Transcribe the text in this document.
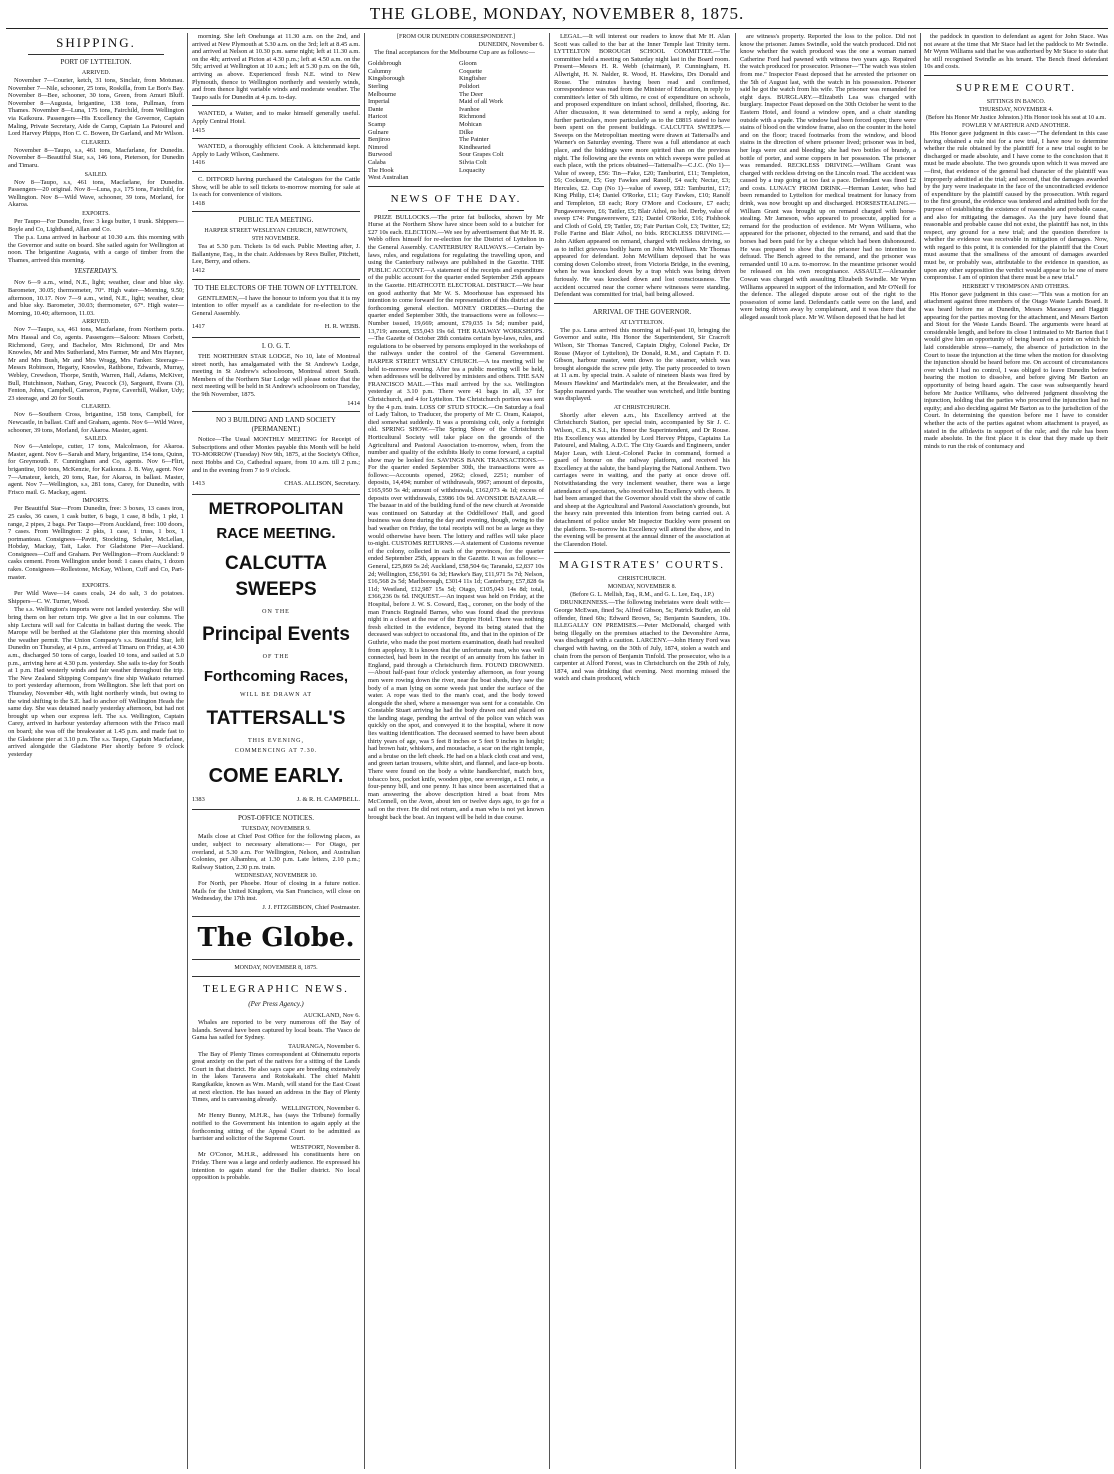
THE GLOBE, MONDAY, NOVEMBER 8, 1875.
SHIPPING.
PORT OF LYTTELTON.
ARRIVED.

November 7—Courier, ketch, 31 tons, Sinclair, from Motunau. November 7—Nile, schooner, 25 tons, Roskilla, from Le Bon's Bay. November 8—Bee, schooner, 30 tons, Green, from Amuri Bluff. November 8—Augusta, brigantine, 138 tons, Pullman, from Thames. November 8—Luna, 175 tons, Fairchild, from Wellington via Kaikoura. Passengers—His Excellency the Governor, Captain Maling, Private Secretary, Aide de Camp, Captain La Patourel and Lord Harvey Phipps, Hon C. C. Bowen, Dr Garland, and Mr Wilson.

CLEARED.

November 8—Taupo, s.s, 461 tons, Macfarlane, for Dunedin. November 8—Beautiful Star, s.s, 146 tons, Pieterson, for Dunedin and Timaru.

SAILED.

Nov 8—Taupo, s.s, 461 tons, Macfarlane, for Dunedin. Passengers—20 original. Nov 8—Luna, p.s, 175 tons, Fairchild, for Wellington. Nov 8—Wild Wave, schooner, 39 tons, Morland, for Akaroa.

EXPORTS.

Per Taupo—For Dunedin, free: 3 kegs butter, 1 trunk. Shippers—Boyle and Co, Lightband, Allan and Co.

The p.s. Luna arrived in harbour at 10.30 a.m. this morning with the Governor and suite on board. She sailed again for Wellington at noon. The brigantine Augusta, with a cargo of timber from the Thames, arrived this morning.

YESTERDAY'S.

Nov 6—9 a.m., wind, N.E., light; weather, clear and blue sky. Barometer, 30.05; thermometer, 70°. High water—Morning, 9.50; afternoon, 10.17. Nov 7—9 a.m., wind, N.E., light; weather, clear and blue sky. Barometer, 30.03; thermometer, 67°. High water—Morning, 10.40; afternoon, 11.03.

ARRIVED.

Nov 7—Taupo, s.s, 461 tons, Macfarlane, from Northern ports. Mrs Hassal and Co, agents. Passengers—Saloon: Misses Corbett, Richmond, Grey, and Bachelor, Mrs Richmond, Dr and Mrs Knowles, Mr and Mrs Sutherland, Mrs Farmer, Mr and Mrs Hayner, Mr and Mrs Bush, Mr and Mrs Wragg, Mrs Fanker. Steerage—Messrs Robinson, Hegarty, Knowles, Rathbone, Edwards, Murray, Webley, Crewdson, Thorpe, Smith, Warren, Hall, Adams, McKiver, Bull, Hutchinson, Nathan, Gray, Peacock (3), Sargeant, Evans (3), Fenton, Johns, Campbell, Cameron, Payne, Caverhill, Walker, Udy; 23 steerage, and 20 for South.

CLEARED.

Nov 6—Southern Cross, brigantine, 158 tons, Campbell, for Newcastle, in ballast. Cuff and Graham, agents. Nov 6—Wild Wave, schooner, 39 tons, Morland, for Akaroa. Master, agent.

SAILED.

Nov 6—Antelope, cutter, 17 tons, Malcolmson, for Akaroa. Master, agent. Nov 6—Sarah and Mary, brigantine, 154 tons, Quinn, for Greymouth. F. Cunningham and Co, agents. Nov 6—Flirt, brigantine, 100 tons, McKenzie, for Kaikoura. J. B. Way, agent. Nov 7—Amateur, ketch, 20 tons, Rae, for Akaroa, in ballast. Master, agent. Nov 7—Wellington, s.s, 281 tons, Carey, for Dunedin, with Frisco mail. G. Mackay, agent.

IMPORTS.

Per Beautiful Star—From Dunedin, free: 3 boxes, 13 cases iron, 25 casks, 36 cases, 1 cask butter, 6 bags, 1 case, 8 bdls, 1 pkt, 1 range, 2 pipes, 2 bags. Per Taupo—From Auckland, free: 100 doors, 7 cases. From Wellington: 2 pkts, 1 case, 1 truss, 1 box, 1 portmanteau. Consignees—Pavitt, Stockting, Schaler, McLellan, Hobday, Mackay, Tait, Lake. For Gladstone Pier—Auckland. Consignees—Cuff and Graham. Per Wellington—From Auckland: 9 casks cement. From Wellington under bond: 1 cases chairs, 1 dozen rakes. Consignees—Rollestone, McKay, Wilson, Cuff and Co, Part-master.

EXPORTS.

Per Wild Wave—14 cases coals, 24 do salt, 3 do potatoes. Shippers—C. W. Turner, Wood.

The s.s. Wellington's imports were not landed yesterday. She will bring them on her return trip. We give a list in our columns. The ship Lectura will sail for Calcutta in ballast during the week. The Marope will be berthed at the Gladstone pier this morning should the weather permit. The Union Company's s.s. Beautiful Star, left Dunedin on Thursday, at 4 p.m., arrived at Timaru on Friday, at 4.30 a.m., discharged 50 tons of cargo, loaded 10 tons, and sailed at 5.0 p.m., arriving here at 4.30 p.m. yesterday. She sails to-day for South at 1 p.m. Had westerly winds and fair weather throughout the trip. The New Zealand Shipping Company's fine ship Waikato returned to port yesterday afternoon, from Wellington. She left that port on Thursday, November 4th, with light northerly winds, but owing to the wind shifting to the S.E. had to anchor off Wellington Heads the same day. She was detained nearly yesterday afternoon, but had not brought up when our express left. The s.s. Wellington, Captain Carey, arrived in harbour yesterday afternoon with the Frisco mail on board; she was off the breakwater at 1.45 p.m. and made fast to the Gladstone pier at 3.10 p.m. The s.s. Taupo, Captain Macfarlane, arrived alongside the Gladstone Pier shortly before 9 o'clock yesterday

morning. She left Onehunga at 11.30 a.m. on the 2nd, and arrived at New Plymouth at 5.30 a.m. on the 3rd; left at 8.45 a.m. and arrived at Nelson at 10.30 p.m. same night; left at 11.30 a.m. on the 4th; arrived at Picton at 4.30 p.m.; left at 4.50 a.m. on the 5th; arrived at Wellington at 10 a.m.; left at 5.30 p.m. on the 6th, arriving as above. Experienced fresh N.E. wind to New Plymouth, thence to Wellington northerly and westerly winds, and from thence light variable winds and moderate weather. The Taupo sails for Dunedin at 4 p.m. to-day.

WANTED, a Waiter, and to make himself generally useful. Apply Central Hotel.

1415

WANTED, a thoroughly efficient Cook. A kitchenmaid kept. Apply to Lady Wilson, Cashmere.

1416

C. DITFORD having purchased the Catalogues for the Cattle Show, will be able to sell tickets to-morrow morning for sale at 1s each for convenience of visitors.

1418
PUBLIC TEA MEETING.
HARPER STREET WESLEYAN CHURCH, NEWTOWN,
9TH NOVEMBER.

Tea at 5.30 p.m. Tickets 1s 6d each. Public Meeting after, J. Ballantyne, Esq., in the chair. Addresses by Revs Buller, Pitchett, Lee, Berry, and others.

1412
TO THE ELECTORS OF THE TOWN OF LYTTELTON.

GENTLEMEN,—I have the honour to inform you that it is my intention to offer myself as a candidate for re-election to the General Assembly.

1417	H. R. WEBB.
I. O. G. T.

THE NORTHERN STAR LODGE, No 10, late of Montreal street north, has amalgamated with the St Andrew's Lodge, meeting in St Andrew's schoolroom, Montreal street South. Members of the Northern Star Lodge will please notice that the next meeting will be held in St Andrew's schoolroom on Tuesday, the 9th November, 1875.

1414
NO 3 BUILDING AND LAND SOCIETY (PERMANENT.)

Notice—The Usual MONTHLY MEETING for Receipt of Subscriptions and other Monies payable this Month will be held TO-MORROW (Tuesday) Nov 9th, 1875, at the Society's Office, next Hobbs and Co, Cathedral square, from 10 a.m. till 2 p.m.; and in the evening from 7 to 9 o'clock.

1413	CHAS. ALLISON, Secretary.
METROPOLITAN
RACE MEETING.
CALCUTTA SWEEPS
ON THE
Principal Events
OF THE
Forthcoming Races,
WILL BE DRAWN AT
TATTERSALL'S
THIS EVENING,
COMMENCING AT 7.30.
COME EARLY.
1383	J. & R. H. CAMPBELL.
POST-OFFICE NOTICES.
TUESDAY, NOVEMBER 9.

Mails close at Chief Post Office for the following places, as under, subject to necessary alterations:— For Otago, per overland, at 5.30 a.m. For Wellington, Nelson, and Australian Colonies, per Alhambra, at 1.30 p.m. Late letters, 2.10 p.m.; Railway Station, 2.30 p.m. train.

WEDNESDAY, NOVEMBER 10.

For North, per Phoebe. Hour of closing in a future notice. Mails for the United Kingdom, via San Francisco, will close on Wednesday, the 17th inst.

J. J. FITZGIBBON, Chief Postmaster.
The Globe.
MONDAY, NOVEMBER 8, 1875.
TELEGRAPHIC NEWS.
(Per Press Agency.)
AUCKLAND, Nov 6.

Whales are reported to be very numerous off the Bay of Islands. Several have been captured by local boats. The Vasco de Gama has sailed for Sydney.

TAURANGA, November 6.

The Bay of Plenty Times correspondent at Ohinemutu reports great anxiety on the part of the natives for a sitting of the Lands Court in that district. He also says cape are breeding extensively in the lakes Tarawera and Rotokakahi. The chief Mahiti Rangikaikie, known as Wm. Marsh, will stand for the East Coast at next election. He has issued an address in the Bay of Plenty Times, and is canvassing already.

WELLINGTON, November 6.

Mr Henry Bunny, M.H.R., has (says the Tribune) formally notified to the Government his intention to again apply at the forthcoming sitting of the Appeal Court to be admitted as barrister and solicitor of the Supreme Court.

WESTPORT, November 8.

Mr O'Conor, M.H.R., addressed his constituents here on Friday. There was a large and orderly audience. He expressed his intention to again stand for the Buller district. No local opposition is probable.

[FROM OUR DUNEDIN CORRESPONDENT.]
DUNEDIN, November 6.

The final acceptances for the Melbourne Cup are as follows:—

Goldsbrough
Calumny
Kingsborough
Sterling
Melbourne
Imperial
Dante
Haricot
Scamp
Gulnare
Benjiroo
Nimrod
Burwood
Calaba
The Hook
West Australian
Gloom
Coquette
Kingfisher
Polidori
The Deer
Maid of all Work
Ivanhoe
Richmond
Mohican
Dilke
The Painter
Kindhearted
Sour Grapes Colt
Silvia Colt
Loquacity
NEWS OF THE DAY.

PRIZE BULLOCKS.—The prize fat bullocks, shown by Mr Hurse at the Northern Show have since been sold to a butcher for £27 10s each. ELECTION.—We see by advertisement that Mr H. R. Webb offers himself for re-election for the District of Lyttelton in the General Assembly. CANTERBURY RAILWAYS.—Certain by-laws, rules, and regulations for regulating the travelling upon, and using the Canterbury railways are published in the Gazette. THE PUBLIC ACCOUNT.—A statement of the receipts and expenditure of the public account for the quarter ended September 25th appears in the Gazette. HEATHCOTE ELECTORAL DISTRICT.—We hear on good authority that Mr W. S. Moorhouse has expressed his intention to come forward for the representation of this district at the forthcoming general election. MONEY ORDERS.—During the quarter ended September 30th, the transactions were as follows:—Number issued, 19,669; amount, £79,035 1s 5d; number paid, 13,719; amount, £55,043 19s 6d. THE RAILWAY WORKSHOPS.—The Gazette of October 28th contains certain bye-laws, rules, and regulations to be observed by persons employed in the workshops of the railways under the control of the General Government. HARPER STREET WESLEY CHURCH.—A tea meeting will be held to-morrow evening. After tea a public meeting will be held, when addresses will be delivered by ministers and others. THE SAN FRANCISCO MAIL.—This mail arrived by the s.s. Wellington yesterday at 3.10 p.m. There were 41 bags in all, 37 for Christchurch, and 4 for Lyttelton. The Christchurch portion was sent by the 4 p.m. train. LOSS OF STUD STOCK.—On Saturday a foal of Lady Talton, to Traducer, the property of Mr C. Oram, Kaiapoi, died somewhat suddenly. It was a promising colt, only a fortnight old. SPRING SHOW.—The Spring Show of the Christchurch Horticultural Society will take place on the grounds of the Agricultural and Pastoral Association to-morrow, when, from the number and quality of the exhibits likely to come forward, a capital show may be looked for. SAVINGS BANK TRANSACTIONS.—For the quarter ended September 30th, the transactions were as follows:—Accounts opened, 2962; closed, 2251; number of deposits, 14,494; number of withdrawals, 9967; amount of deposits, £165,950 5s 4d; amount of withdrawals, £162,073 4s 1d; excess of deposits over withdrawals, £3986 10s 9d. AVONSIDE BAZAAR.—The bazaar in aid of the building fund of the new church at Avonside was continued on Saturday at the Oddfellows' Hall, and good business was done during the day and evening, though, owing to the bad weather on Friday, the total receipts will not be as large as they would otherwise have been. The lottery and raffles will take place to-night. CUSTOMS RETURNS.—A statement of Customs revenue of the colony, collected in each of the provinces, for the quarter ended September 25th, appears in the Gazette. It was as follows:—General, £25,869 5s 2d; Auckland, £58,504 6s; Taranaki, £2,837 10s 2d; Wellington, £56,591 6s 3d; Hawke's Bay, £11,971 5s 7d; Nelson, £16,568 2s 5d; Marlborough, £3014 11s 1d; Canterbury, £57,828 6s 11d; Westland, £12,987 15s 5d; Otago, £105,043 14s 8d; total, £366,236 0s 6d. INQUEST.—An inquest was held on Friday, at the Hospital, before J. W. S. Coward, Esq., coroner, on the body of the man Francis Reginald Barnes, who was found dead the previous night in a closet at the rear of the Empire Hotel. There was nothing fresh elicited in the evidence, beyond its being stated that the deceased was subject to occasional fits, and that in the opinion of Dr Guthrie, who made the post mortem examination, death had resulted from apoplexy. It is known that the unfortunate man, who was well connected, had been in the receipt of an annuity from his father in England, paid through a Christchurch firm. FOUND DROWNED.—About half-past four o'clock yesterday afternoon, as four young men were rowing down the river, near the boat sheds, they saw the body of a man lying on some weeds just under the surface of the water. A rope was tied to the man's coat, and the body towed alongside the shed, where a messenger was sent for a constable. On Constable Stuart arriving he had the body drawn out and placed on the landing stage, pending the arrival of the police van which was quickly on the spot, and conveyed it to the hospital, where it now lies waiting identification. The deceased seemed to have been about thirty years of age, was 5 feet 8 inches or 5 feet 9 inches in height; had brown hair, whiskers, and moustache, a scar on the right temple, and a bruise on the left cheek. He had on a black cloth coat and vest, and green tartan trousers, white shirt, and flannel, and lace-up boots. There were found on the body a white handkerchief, match box, tobacco box, pocket knife, wooden pipe, one sovereign, a £1 note, a four-penny bill, and one penny. It has since been ascertained that a man answering the above description hired a boat from Mrs McConnell, on the Avon, about ten or twelve days ago, to go for a sail on the river. He did not return, and a man who is not yet known brought back the boat. An inquest will be held in due course.

LEGAL.—It will interest our readers to know that Mr H. Alan Scott was called to the bar at the Inner Temple last Trinity term. LYTTELTON BOROUGH SCHOOL COMMITTEE.—The committee held a meeting on Saturday night last in the Board room. Present—Messrs H. R. Webb (chairman), P. Cunningham, H. Allwright, H. N. Nalder, R. Wood, H. Hawkins, Drs Donald and Rouse. The minutes having been read and confirmed, correspondence was read from the Minister of Education, in reply to committee's letter of 5th ultimo, re cost of expenditure on schools, and proposed expenditure on infant school, drillshed, flooring, &c. After discussion, it was determined to send a reply, asking for further particulars, more particularly as to the £8815 stated to have been spent on the present buildings. CALCUTTA SWEEPS.—Sweeps on the Metropolitan meeting were drawn at Tattersall's and Warner's on Saturday evening. There was a full attendance at each place, and the biddings were more spirited than on the previous night. The following are the events on which sweeps were pulled at each place, with the prices obtained—Tattersall's—C.J.C. (No 1)—Value of sweep, £56: Tin—Fake, £20; Tamburini, £11; Templeton, £6; Cocksure, £5; Guy Fawkes and Ranolf, £4 each; Nectar, £3; Hercules, £2. Cup (No 1)—value of sweep, £82: Tamburini, £17; King Philip, £14; Daniel O'Rorke, £11; Guy Fawkes, £10; Ranolf and Templeton, £8 each; Rory O'More and Cocksure, £7 each; Pungawerewere, £6; Tattler, £5; Blair Athol, no bid. Derby, value of sweep £74: Pungawerewere, £21; Daniel O'Rorke, £16; Fishhook and Cloth of Gold, £9; Tattler, £6; Fair Puritan Colt, £3; Twitter, £2; Folle Farine and Blair Athol, no bids. RECKLESS DRIVING.—John Aitken appeared on remand, charged with reckless driving, so as to inflict grievous bodily harm on John McWilliam. Mr Thomas appeared for defendant. John McWilliam deposed that he was coming down Colombo street, from Victoria Bridge, in the evening, when he was knocked down by a trap which was being driven furiously. He was knocked down and lost consciousness. The accident occurred near the corner where witnesses were standing. Defendant was committed for trial, bail being allowed.

ARRIVAL OF THE GOVERNOR.
AT LYTTELTON.

The p.s. Luna arrived this morning at half-past 10, bringing the Governor and suite, His Honor the Superintendent, Sir Cracroft Wilson, Sir Thomas Tancred, Captain Digby, Colonel Packe, Dr Rouse (Mayor of Lyttelton), Dr Donald, R.M., and Captain F. D. Gibson, harbour master, went down to the steamer, which was brought alongside the screw pile jetty. The party proceeded to town at 11 a.m. by special train. A salute of nineteen blasts was fired by Messrs Hawkins' and Martindale's men, at the Breakwater, and the Sappho manned yards. The weather was wretched, and little bunting was displayed.

AT CHRISTCHURCH.

Shortly after eleven a.m., his Excellency arrived at the Christchurch Station, per special train, accompanied by Sir J. C. Wilson, C.B., K.S.I., his Honor the Superintendent, and Dr Rouse. His Excellency was attended by Lord Hervey Phipps, Captains La Patourel, and Maling, A.D.C. The City Guards and Engineers, under Major Lean, with Lieut.-Colonel Packe in command, formed a guard of honour on the railway platform, and received his Excellency at the salute, the band playing the National Anthem. Two carriages were in waiting, and the party at once drove off. Notwithstanding the very inclement weather, there was a large attendance of spectators, who received his Excellency with cheers. It had been arranged that the Governor should visit the show of cattle and sheep at the Agricultural and Pastoral Association's grounds, but the heavy rain prevented this intention from being carried out. A detachment of police under Mr Inspector Buckley were present on the platform. To-morrow his Excellency will attend the show, and in the evening will be present at the annual dinner of the association at the Clarendon Hotel.

MAGISTRATES' COURTS.
CHRISTCHURCH.
MONDAY, NOVEMBER 8.
(Before G. L. Mellish, Esq., R.M., and G. L. Lee, Esq., J.P.)

DRUNKENNESS.—The following inebriates were dealt with:—George McEwan, fined 5s; Alfred Gibson, 5s; Patrick Butler, an old offender, fined 60s; Edward Brown, 5s; Benjamin Saunders, 10s. ILLEGALLY ON PREMISES.—Peter McDonald, charged with being illegally on the premises attached to the Devonshire Arms, was discharged with a caution. LARCENY.—John Henry Ford was charged with having, on the 30th of July, 1874, stolen a watch and chain from the person of Benjamin Tinfold. The prosecutor, who is a carpenter at Alford Forest, was in Christchurch on the 29th of July, 1874, and was drinking that evening. Next morning missed the watch and chain produced, which

are witness's property. Reported the loss to the police. Did not know the prisoner. James Swindle, sold the watch produced. Did not know whether the watch produced was the one a woman named Catherine Ford had pawned with witness two years ago. Repaired the watch produced for prosecutor. Prisoner—"The watch was stolen from me." Inspector Feast deposed that he arrested the prisoner on the 5th of August last, with the watch in his possession. Prisoner said he got the watch from his wife. The prisoner was remanded for eight days. BURGLARY.—Elizabeth Lea was charged with burglary. Inspector Feast deposed on the 30th October he went to the Eastern Hotel, and found a window open, and a chair standing outside with a spade. The window had been forced open; there were stains of blood on the window frame, also on the counter in the hotel and on the floor; traced footmarks from the window, and blood stains in the direction of where prisoner lived; prisoner was in bed, her legs were cut and bleeding; she had two bottles of brandy, a bottle of porter, and some coppers in her possession. The prisoner was remanded. RECKLESS DRIVING.—William Grant was charged with reckless driving on the Lincoln road. The accident was caused by a trap going at too fast a pace. Defendant was fined £2 and costs. LUNACY FROM DRINK.—Herman Lester, who had been remanded to Lyttelton for medical treatment for lunacy from drink, was now brought up and discharged. HORSESTEALING.—William Grant was brought up on remand charged with horse-stealing. Mr Jameson, who appeared to prosecute, applied for a remand for the production of evidence. Mr Wynn Williams, who appeared for the prisoner, objected to the remand, and said that the horses had been paid for by a cheque which had been dishonoured. He was prepared to show that the prisoner had no intention to defraud. The Bench agreed to the remand, and the prisoner was remanded until 10 a.m. to-morrow. In the meantime prisoner would be released on his own recognisance. ASSAULT.—Alexander Cowan was charged with assaulting Elizabeth Swindle. Mr Wynn Williams appeared in support of the information, and Mr O'Neill for the defence. The alleged dispute arose out of the right to the possession of some land. Defendant's cattle were on the land, and were being driven away by complainant, and it was there that the alleged assault took place. Mr W. Wilson deposed that he had let

the paddock in question to defendant as agent for John Stace. Was not aware at the time that Mr Stace had let the paddock to Mr Swindle. Mr Wynn Williams said that he was authorised by Mr Stace to state that he still recognised Swindle as his tenant. The Bench fined defendant 10s and costs.

SUPREME COURT.
SITTINGS IN BANCO.
THURSDAY, NOVEMBER 4.
(Before his Honor Mr Justice Johnston.) His Honor took his seat at 10 a.m.
FOWLER V M'ARTHUR AND ANOTHER.

His Honor gave judgment in this case:—"The defendant in this case having obtained a rule nisi for a new trial, I have now to determine whether the rule obtained by the plaintiff for a new trial ought to be discharged or made absolute, and I have come to the conclusion that it must be made absolute. The two grounds upon which it was moved are—first, that evidence of the general bad character of the plaintiff was improperly admitted at the trial; and second, that the damages awarded by the jury were inadequate in the face of the uncontradicted evidence of expenditure by the plaintiff caused by the prosecution. With regard to the first ground, the evidence was tendered and admitted both for the purpose of establishing the existence of reasonable and probable cause, and also for mitigating the damages. As the jury have found that reasonable and probable cause did not exist, the plaintiff has not, in this respect, any ground for a new trial; and the question therefore is whether the evidence was receivable in mitigation of damages. Now, with regard to this point, it is contended for the plaintiff that the Court must assume that the smallness of the amount of damages awarded must be, or probably was, attributable to the evidence in question, as upon any other supposition the verdict would appear to be one of mere compromise. I am of opinion that there must be a new trial."

HERBERT V THOMPSON AND OTHERS.

His Honor gave judgment in this case:—"This was a motion for an attachment against three members of the Otago Waste Lands Board. It was heard before me at Dunedin, Messrs Macassey and Haggitt appearing for the parties moving for the attachment, and Messrs Barton and Stout for the Waste Lands Board. The arguments were heard at considerable length, and before its close I intimated to Mr Barton that I would give him an opportunity of being heard on a point on which he laid considerable stress—namely, the absence of jurisdiction in the Court to issue the injunction at the time when the motion for dissolving the injunction should be heard before me. On account of circumstances over which I had no control, I was obliged to leave Dunedin before hearing the motion to dissolve, and before giving Mr Barton an opportunity of being heard again. The case was subsequently heard before Mr Justice Williams, who delivered judgment dissolving the injunction, holding that the parties who procured the injunction had no equity; and also deciding against Mr Barton as to the jurisdiction of the Court. In determining the question before me I have to consider whether the acts of the parties against whom attachment is prayed, as stated in the affidavits in support of the rule; and the rule has been made absolute. In the first place it is clear that they made up their minds to run the risk of contumacy and
